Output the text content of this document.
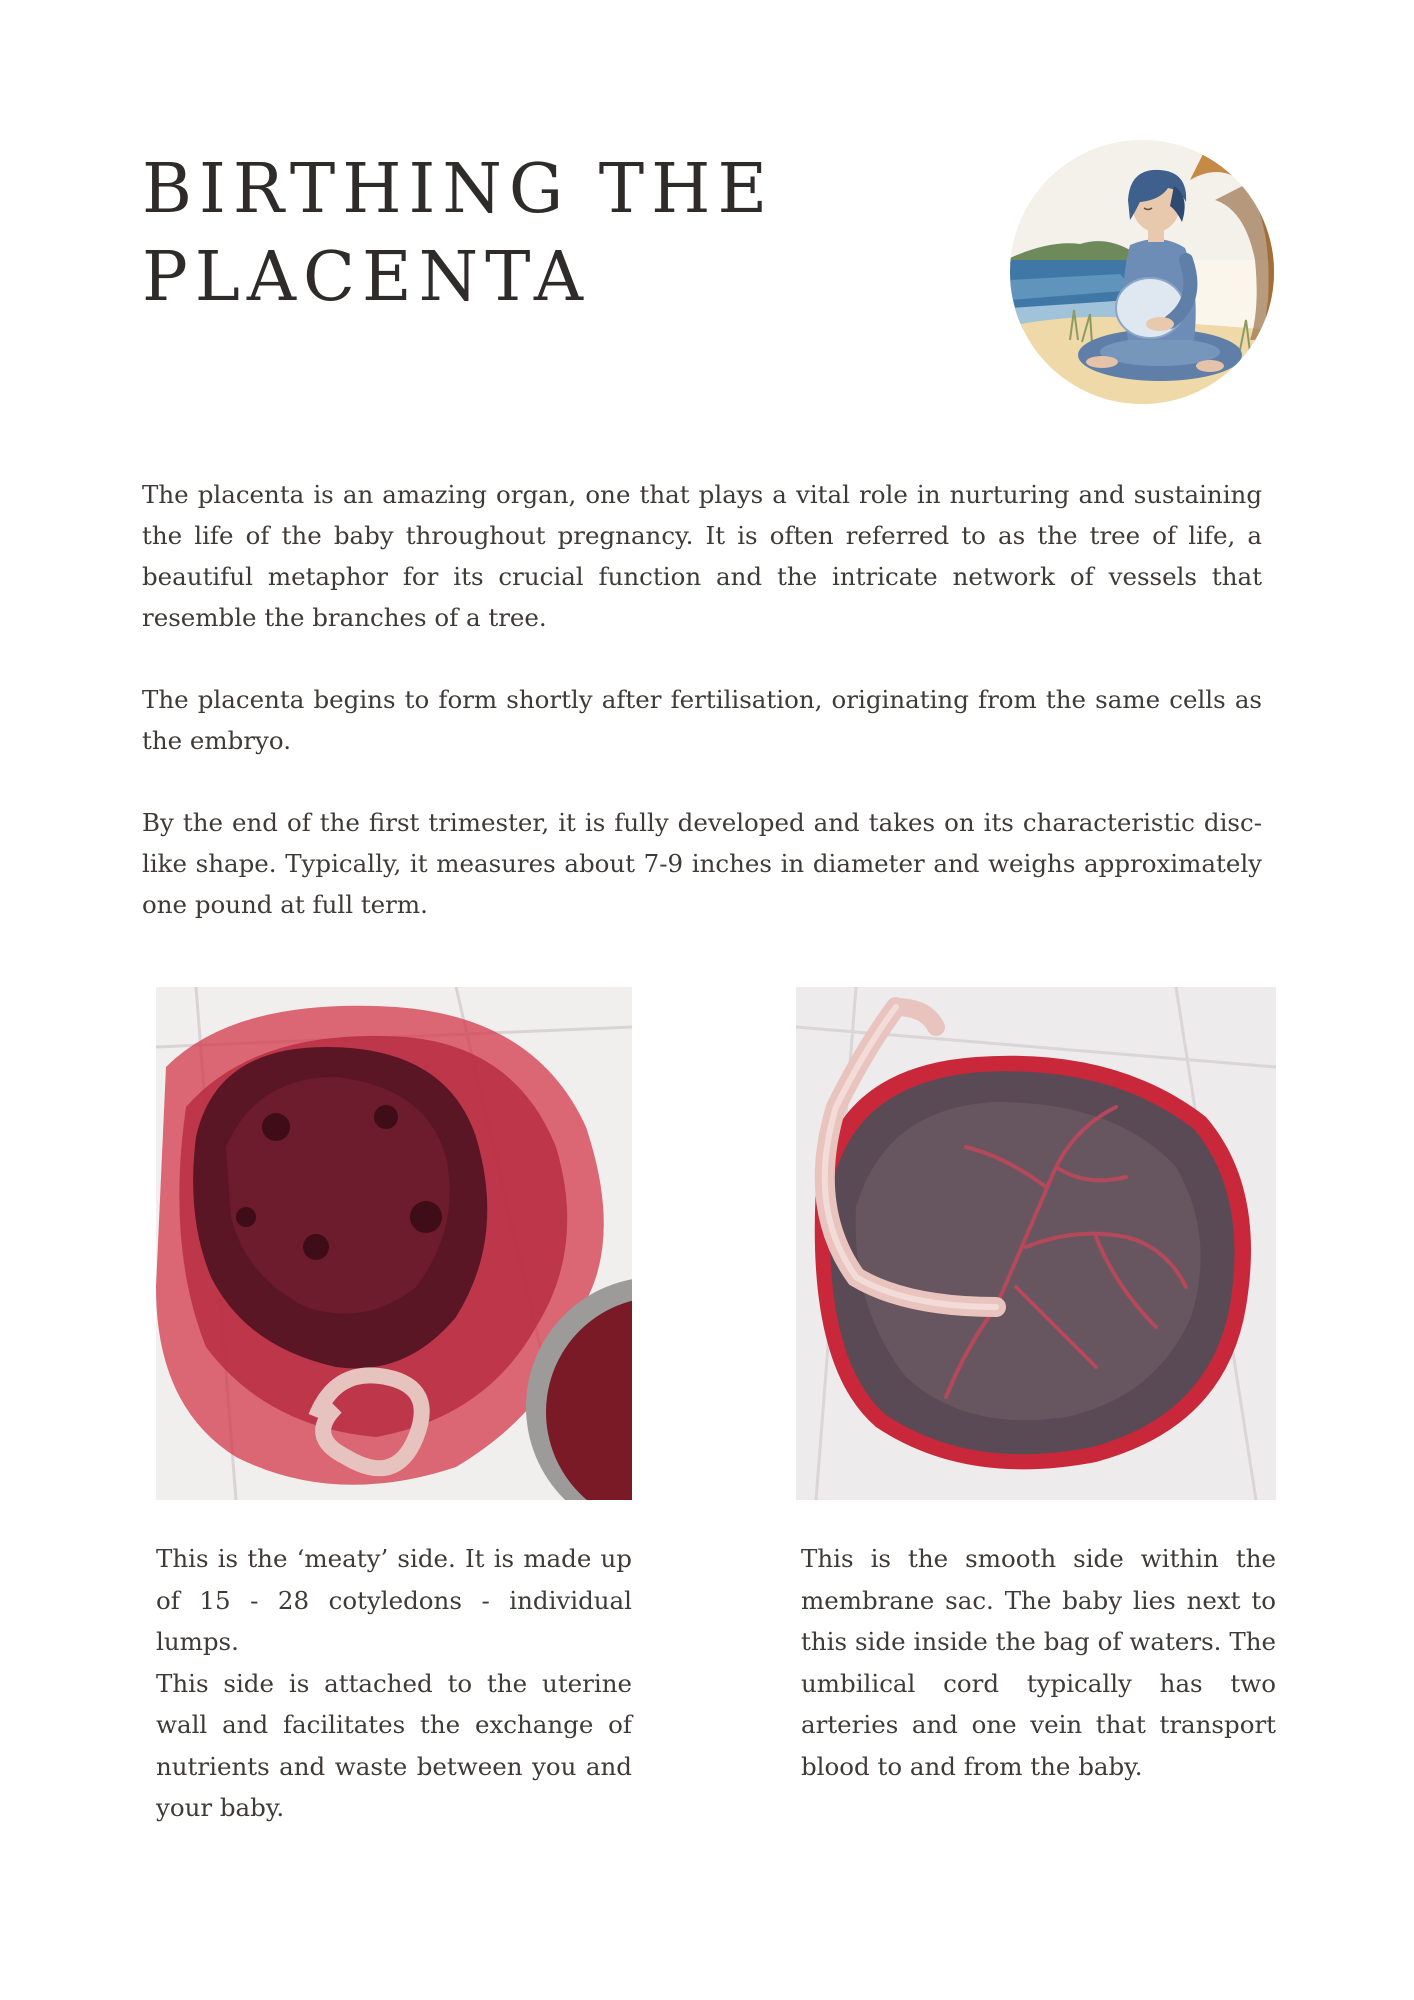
BIRTHING THE
PLACENTA

The placenta is an amazing organ, one that plays a vital role in nurturing and sustaining the life of the baby throughout pregnancy. It is often referred to as the tree of life, a beautiful metaphor for its crucial function and the intricate network of vessels that resemble the branches of a tree.

The placenta begins to form shortly after fertilisation, originating from the same cells as the embryo.

By the end of the first trimester, it is fully developed and takes on its characteristic disc-like shape. Typically, it measures about 7-9 inches in diameter and weighs approximately one pound at full term.

This is the ‘meaty’ side. It is made up of 15 - 28 cotyledons - individual lumps.
This side is attached to the uterine wall and facilitates the exchange of nutrients and waste between you and your baby.

This is the smooth side within the membrane sac. The baby lies next to this side inside the bag of waters. The umbilical cord typically has two arteries and one vein that transport blood to and from the baby.
